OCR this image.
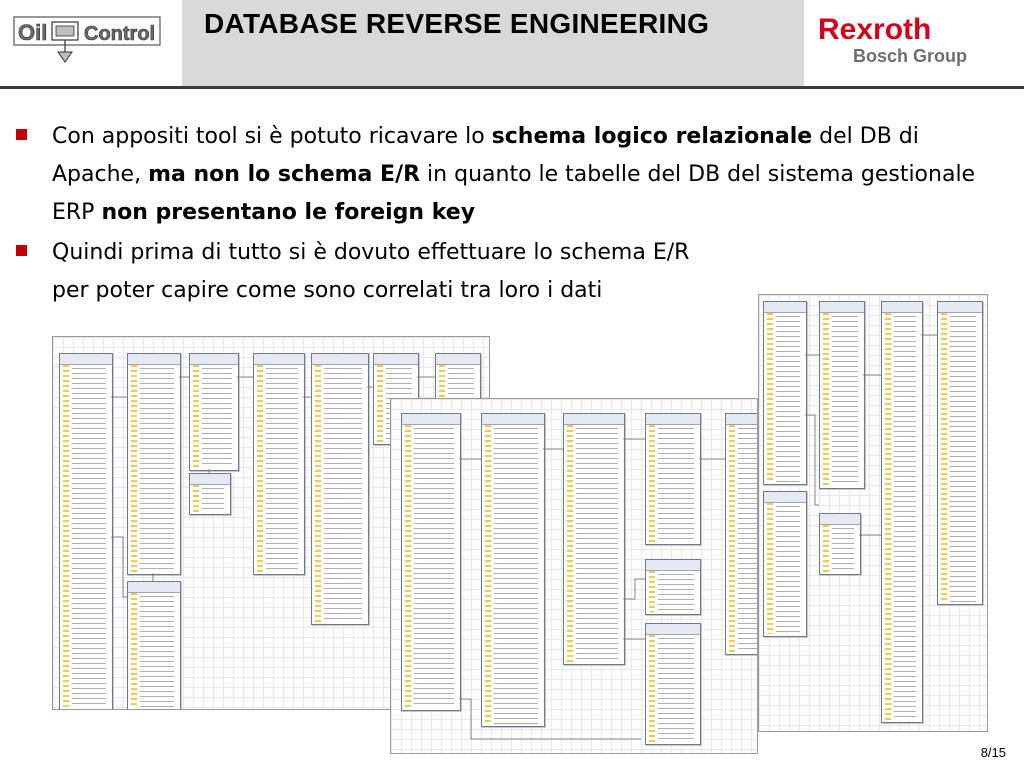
Oil Control DATABASE REVERSE ENGINEERING	Rexroth
Bosch Group
Con appositi tool si è potuto ricavare lo schema logico relazionale del DB di Apache, ma non lo schema E/R in quanto le tabelle del DB del sistema gestionale ERP non presentano le foreign key
Quindi prima di tutto si è dovuto effettuare lo schema E/R per poter capire come sono correlati tra loro i dati
8/15
